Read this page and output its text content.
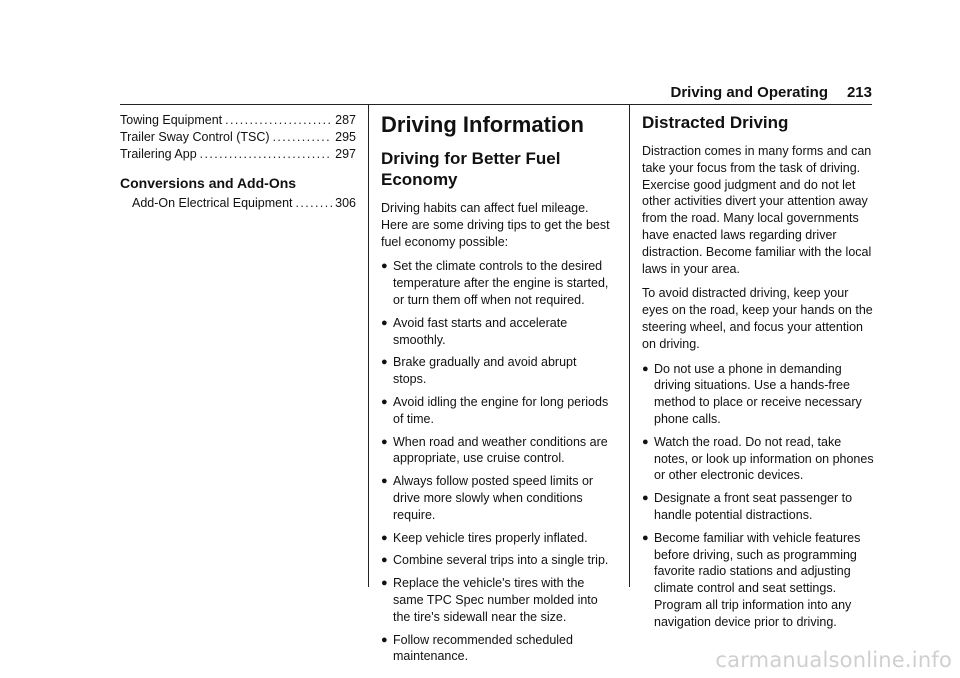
Driving and Operating 213
Towing Equipment .....	287
Trailer Sway Control (TSC) .....	295
Trailering App .....	297
Conversions and Add-Ons
Add-On Electrical Equipment .....	306
Driving Information
Driving for Better Fuel Economy

Driving habits can affect fuel mileage. Here are some driving tips to get the best fuel economy possible:

● Set the climate controls to the desired temperature after the engine is started, or turn them off when not required.
● Avoid fast starts and accelerate smoothly.
● Brake gradually and avoid abrupt stops.
● Avoid idling the engine for long periods of time.
● When road and weather conditions are appropriate, use cruise control.
● Always follow posted speed limits or drive more slowly when conditions require.
● Keep vehicle tires properly inflated.
● Combine several trips into a single trip.
● Replace the vehicle's tires with the same TPC Spec number molded into the tire's sidewall near the size.
● Follow recommended scheduled maintenance.
Distracted Driving

Distraction comes in many forms and can take your focus from the task of driving. Exercise good judgment and do not let other activities divert your attention away from the road. Many local governments have enacted laws regarding driver distraction. Become familiar with the local laws in your area.

To avoid distracted driving, keep your eyes on the road, keep your hands on the steering wheel, and focus your attention on driving.

● Do not use a phone in demanding driving situations. Use a hands-free method to place or receive necessary phone calls.
● Watch the road. Do not read, take notes, or look up information on phones or other electronic devices.
● Designate a front seat passenger to handle potential distractions.
● Become familiar with vehicle features before driving, such as programming favorite radio stations and adjusting climate control and seat settings. Program all trip information into any navigation device prior to driving.
carmanualsonline.info
